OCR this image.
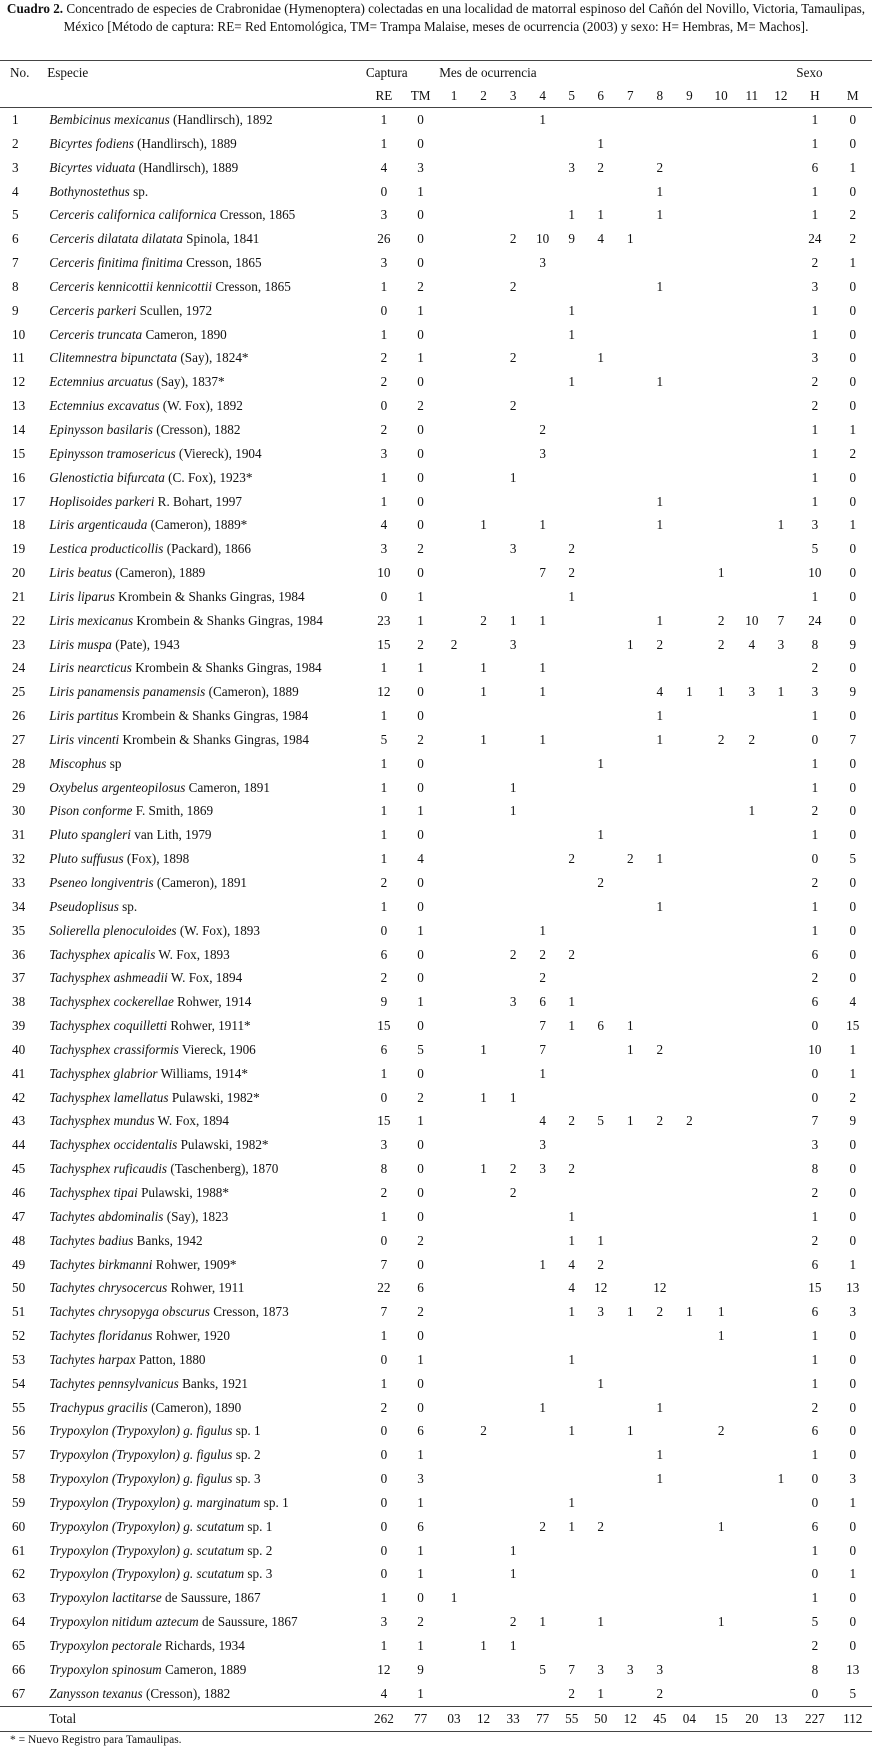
Cuadro 2. Concentrado de especies de Crabronidae (Hymenoptera) colectadas en una localidad de matorral espinoso del Cañón del Novillo, Victoria, Tamaulipas, México [Método de captura: RE= Red Entomológica, TM= Trampa Malaise, meses de ocurrencia (2003) y sexo: H= Hembras, M= Machos].
No.	Especie	Captura		Mes de ocurrencia												Sexo	
		RE	TM	1	2	3	4	5	6	7	8	9	10	11	12	H	M
1	Bembicinus mexicanus (Handlirsch), 1892	1	0				1									1	0
2	Bicyrtes fodiens (Handlirsch), 1889	1	0						1							1	0
3	Bicyrtes viduata (Handlirsch), 1889	4	3					3	2		2					6	1
4	Bothynostethus sp.	0	1								1					1	0
5	Cerceris californica californica Cresson, 1865	3	0					1	1		1					1	2
6	Cerceris dilatata dilatata Spinola, 1841	26	0			2	10	9	4	1						24	2
7	Cerceris finitima finitima Cresson, 1865	3	0				3									2	1
8	Cerceris kennicottii kennicottii Cresson, 1865	1	2			2					1					3	0
9	Cerceris parkeri Scullen, 1972	0	1					1								1	0
10	Cerceris truncata Cameron, 1890	1	0					1								1	0
11	Clitemnestra bipunctata (Say), 1824*	2	1			2			1							3	0
12	Ectemnius arcuatus (Say), 1837*	2	0					1			1					2	0
13	Ectemnius excavatus (W. Fox), 1892	0	2			2										2	0
14	Epinysson basilaris (Cresson), 1882	2	0				2									1	1
15	Epinysson tramosericus (Viereck), 1904	3	0				3									1	2
16	Glenostictia bifurcata (C. Fox), 1923*	1	0			1										1	0
17	Hoplisoides parkeri R. Bohart, 1997	1	0								1					1	0
18	Liris argenticauda (Cameron), 1889*	4	0		1		1				1				1	3	1
19	Lestica producticollis (Packard), 1866	3	2			3		2								5	0
20	Liris beatus (Cameron), 1889	10	0				7	2					1			10	0
21	Liris liparus Krombein & Shanks Gingras, 1984	0	1					1								1	0
22	Liris mexicanus Krombein & Shanks Gingras, 1984	23	1		2	1	1				1		2	10	7	24	0
23	Liris muspa (Pate), 1943	15	2	2		3				1	2		2	4	3	8	9
24	Liris nearcticus Krombein & Shanks Gingras, 1984	1	1		1		1									2	0
25	Liris panamensis panamensis (Cameron), 1889	12	0		1		1				4	1	1	3	1	3	9
26	Liris partitus Krombein & Shanks Gingras, 1984	1	0								1					1	0
27	Liris vincenti Krombein & Shanks Gingras, 1984	5	2		1		1				1		2	2		0	7
28	Miscophus sp	1	0						1							1	0
29	Oxybelus argenteopilosus Cameron, 1891	1	0			1										1	0
30	Pison conforme F. Smith, 1869	1	1			1								1		2	0
31	Pluto spangleri van Lith, 1979	1	0						1							1	0
32	Pluto suffusus (Fox), 1898	1	4					2		2	1					0	5
33	Pseneo longiventris (Cameron), 1891	2	0						2							2	0
34	Pseudoplisus sp.	1	0								1					1	0
35	Solierella plenoculoides (W. Fox), 1893	0	1				1									1	0
36	Tachysphex apicalis W. Fox, 1893	6	0			2	2	2								6	0
37	Tachysphex ashmeadii W. Fox, 1894	2	0				2									2	0
38	Tachysphex cockerellae Rohwer, 1914	9	1			3	6	1								6	4
39	Tachysphex coquilletti Rohwer, 1911*	15	0				7	1	6	1						0	15
40	Tachysphex crassiformis Viereck, 1906	6	5		1		7			1	2					10	1
41	Tachysphex glabrior Williams, 1914*	1	0				1									0	1
42	Tachysphex lamellatus Pulawski, 1982*	0	2		1	1										0	2
43	Tachysphex mundus W. Fox, 1894	15	1				4	2	5	1	2	2				7	9
44	Tachysphex occidentalis Pulawski, 1982*	3	0				3									3	0
45	Tachysphex ruficaudis (Taschenberg), 1870	8	0		1	2	3	2								8	0
46	Tachysphex tipai Pulawski, 1988*	2	0			2										2	0
47	Tachytes abdominalis (Say), 1823	1	0					1								1	0
48	Tachytes badius Banks, 1942	0	2					1	1							2	0
49	Tachytes birkmanni Rohwer, 1909*	7	0				1	4	2							6	1
50	Tachytes chrysocercus Rohwer, 1911	22	6					4	12		12					15	13
51	Tachytes chrysopyga obscurus Cresson, 1873	7	2					1	3	1	2	1	1			6	3
52	Tachytes floridanus Rohwer, 1920	1	0										1			1	0
53	Tachytes harpax Patton, 1880	0	1					1								1	0
54	Tachytes pennsylvanicus Banks, 1921	1	0						1							1	0
55	Trachypus gracilis (Cameron), 1890	2	0				1				1					2	0
56	Trypoxylon (Trypoxylon) g. figulus sp. 1	0	6		2			1		1			2			6	0
57	Trypoxylon (Trypoxylon) g. figulus sp. 2	0	1								1					1	0
58	Trypoxylon (Trypoxylon) g. figulus sp. 3	0	3								1				1	0	3
59	Trypoxylon (Trypoxylon) g. marginatum sp. 1	0	1					1								0	1
60	Trypoxylon (Trypoxylon) g. scutatum sp. 1	0	6				2	1	2				1			6	0
61	Trypoxylon (Trypoxylon) g. scutatum sp. 2	0	1			1										1	0
62	Trypoxylon (Trypoxylon) g. scutatum sp. 3	0	1			1										0	1
63	Trypoxylon lactitarse de Saussure, 1867	1	0	1												1	0
64	Trypoxylon nitidum aztecum de Saussure, 1867	3	2			2	1		1				1			5	0
65	Trypoxylon pectorale Richards, 1934	1	1		1	1										2	0
66	Trypoxylon spinosum Cameron, 1889	12	9				5	7	3	3	3					8	13
67	Zanysson texanus (Cresson), 1882	4	1					2	1		2					0	5
	Total	262	77	03	12	33	77	55	50	12	45	04	15	20	13	227	112
* = Nuevo Registro para Tamaulipas.
